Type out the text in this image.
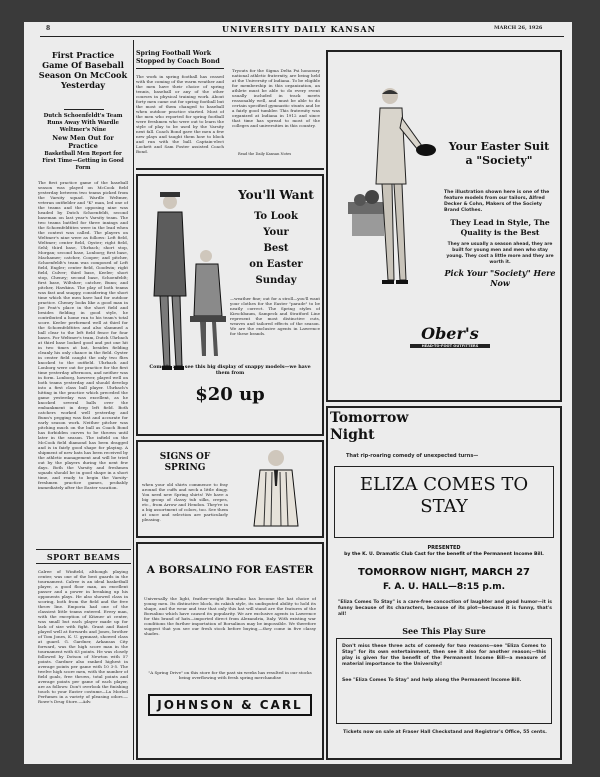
8	UNIVERSITY DAILY KANSAN	MARCH 26, 1926
First Practice Game Of Baseball Season On McCook Yesterday
Dutch Schoenfeldt's Team Runs Away With Wardle Weltmer's Nine
New Men Out for Practice
Basketball Men Report for First Time—Getting in Good Form
The first practice game of the baseball season was played on McCook field yesterday between two teams picked from the Varsity squad. Wardle Weltmer, veteran outfielder and "K" man, led one of the teams and the opposing nine was headed by Dutch Schoenfeldt, second baseman on last year's Varsity team. The two teams battled for three innings and the Schoenfeldtites were in the lead when the contest was called. The players on Weltmer's nine were as follows: Left field, Weltmer; center field, Oyster; right field, Sehl; third base, Uhrbach; short stop, Morgan; second base, Lonborg; first base, Machamer; catcher, Cooper; and pitcher, Schoenfeldt's team was composed of Left field, Engler; center field, Goodwin; right field, Culver; third base, Keeler; short stop, Cheney; second base, Schoenfeldt; first base, Wiltsher; catcher, Bunn; and pitcher, Hawkins. The play of both teams was fast and snappy, considering the short time which the men have had for outdoor practice. Cheney looks like a good man in Joe Peat's place in the short field and besides fielding in good style, he contributed a home run to his team's total score. Keeler performed well at third for the Schoenfeldtites and also slammed a ball clear to the left field fence for four bases. For Weltmer's team, Dutch Uhrbach at third base looked good and put one hit in two times at bat, besides fielding cleanly his only chance in the field. Oyster in center field caught the only two flies knocked to the outfield. Uhrbach and Lonborg were out for practice for the first time yesterday afternoon, and neither was in form. Lonborg, however, played well on both teams yesterday and should develop into a first class ball player. Uhrbach's hitting in the practice which preceded the game yesterday was excellent, as he knocked several balls over the embankment in deep left field. Both catchers worked well yesterday and Bunn's pegging was fast and accurate for early season work. Neither pitcher was pitching much on the ball as Coach Bond has forbidden curves to be thrown until later in the season. The infield on the McCook field diamond has been dragged and is in fairly good shape for playing. A shipment of new bats has been received by the athletic management and will be tried out by the players during the next few days. Both the Varsity and freshmen squads should be in good shape in a short time, and ready to begin the Varsity-freshmen practice games, probably immediately after the Easter vacation.
SPORT BEAMS
Calree of Winfield, although playing center, was one of the best guards in the tournament. Calree is an ideal basketball player, a good floor man, an excellent passer and a power in breaking up his opponents plays. He also showed class in scoring, both from the field and the free throw line. Emporia had one of the classiest little teams entered. Every man, with the exception of Kitzner at center, was small but each player made up for lack of size with fight. Grant and Baird played well at forwards and Jones, brother of Tom Jones, K. U. gymnast, showed class at guard. G. Gardner, Arkansas City forward, was the high score man in the tournament with 63 points. He was closely followed by Dotson of Newton with 57 points. Gardner also ranked highest in average points per game with 10 3-5. The twelve high score men, with the number of field goals, free throws, total points and average points per game of each player, are as follows: Don't overlook the finishing touch to your Easter costume—La Morlod Perfumes in a variety of pleasing odors.—Rowe's Drug Store.—Adv.
Spring Football Work Stopped by Coach Bond
The work in spring football has ceased with the coming of the warm weather and the men have their choice of spring tennis, baseball or any of the other courses in physical training work. About forty men came out for spring football but the most of them changed to baseball when outdoor practice started. Most of the men who reported for spring football were freshmen who were out to learn the style of play to be used by the Varsity next fall. Coach Bond gave the men a few new plays and taught them how to block and run with the ball. Captain-elect Lockett and Sam Foster assisted Coach Bond.
Tryouts for the Sigma Delta Psi honorary national athletic fraternity, are being held at the University of Indiana. To be eligible for membership in this organization, an athlete must be able to do every event usually included in track meets reasonably well, and must be able to do certain specified gymnastic stunts and be a fairly good tumbler. This fraternity was organized at Indiana in 1912 and since that time has spread to most of the colleges and universities in this country.
Read the Daily Kansan Notes
Your Easter Suit a "Society"
The illustration shown here is one of the feature models from our tailors, Alfred Decker & Cohn, Makers of the Society Brand Clothes.
They Lead in Style, The Quality is the Best
They are usually a season ahead, they are built for young men and men who stay young. They cost a little more and they are worth it.
Pick Your "Society" Here Now
Ober's
HEAD-TO-FOOT OUTFITTERS
You'll Want
To Look
Your
Best
on Easter
Sunday
—weather fine; out for a stroll—you'll want your clothes for the Easter "parade" to be neatly correct. The Spring styles of Kirschbaum, Sampeck and Stratford Line represent the most distinctive cuts, weaves and tailored effects of the season. We are the exclusive agents in Lawrence for these brands.
Come in and see this big display of snappy models—we have them from
$20 up
SIGNS OF SPRING
when your old shirts commence to fray around the cuffs and neck a little dingy. You need new Spring shirts! We have a big group of classy tub silks, crepes, etc., from Arrow and Hendon. They're in a big assortment of colors, too. See them at once and selection are particularly pleasing.
A BORSALINO FOR EASTER
Universally the light, feather-weight Borsalino has become the hat choice of young men. Its distinctive block, its rakish style, its undisputed ability to hold its shape, and the wear and tear that only this hat will stand are the features of the Borsalino which have caused its popularity. We are exclusive agents in Lawrence for this brand of hats—imported direct from Alexandria, Italy. With existing war conditions the further importation of Borsalinos may be impossible. We therefore suggest that you see our fresh stock before buying,—they come in five classy shades.
"A Spring Drive" on this store for the past six weeks has resulted in our stocks being overflowing with fresh spring merchandise
JOHNSON & CARL
Tomorrow
Night
That rip-roaring comedy of unexpected turns—
ELIZA COMES TO STAY
PRESENTED
by the K. U. Dramatic Club Cast for the benefit of the Permanent Income Bill.
TOMORROW NIGHT, MARCH 27
F. A. U. HALL—8:15 p.m.
"Eliza Comes To Stay" is a care-free concoction of laughter and good humor—it is funny because of its characters, because of its plot—because it is funny, that's all!
See This Play Sure
Don't miss these three acts of comedy for two reasons—see "Eliza Comes to Stay" for its own entertainment, then see it also for another reason;—this play is given for the benefit of the Permanent Income Bill—a measure of material importance to the University!
See "Eliza Comes To Stay" and help along the Permanent Income Bill.
Tickets now on sale at Fraser Hall Checkstand and Registrar's Office, 55 cents.
